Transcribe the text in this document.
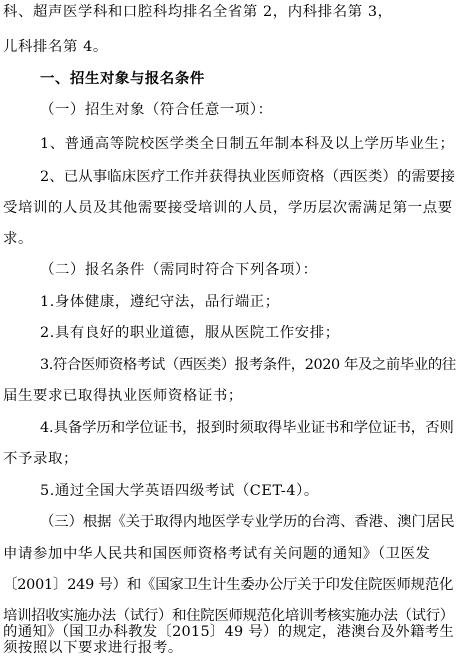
科、超声医学科和口腔科均排名全省第 2，内科排名第 3，
儿科排名第 4。
一、招生对象与报名条件
（一）招生对象（符合任意一项）：
1、普通高等院校医学类全日制五年制本科及以上学历毕业生；
2、已从事临床医疗工作并获得执业医师资格（西医类）的需要接
受培训的人员及其他需要接受培训的人员，学历层次需满足第一点要
求。
（二）报名条件（需同时符合下列各项）：
1.身体健康，遵纪守法，品行端正；
2.具有良好的职业道德，服从医院工作安排；
3.符合医师资格考试（西医类）报考条件，2020 年及之前毕业的往
届生要求已取得执业医师资格证书；
4.具备学历和学位证书，报到时须取得毕业证书和学位证书，否则
不予录取；
5.通过全国大学英语四级考试（CET-4）。
（三）根据《关于取得内地医学专业学历的台湾、香港、澳门居民
申请参加中华人民共和国医师资格考试有关问题的通知》（卫医发
〔2001〕249 号）和《国家卫生计生委办公厅关于印发住院医师规范化
培训招收实施办法（试行）和住院医师规范化培训考核实施办法（试行）
的通知》（国卫办科教发〔2015〕49 号）的规定，港澳台及外籍考生
须按照以下要求进行报考。
